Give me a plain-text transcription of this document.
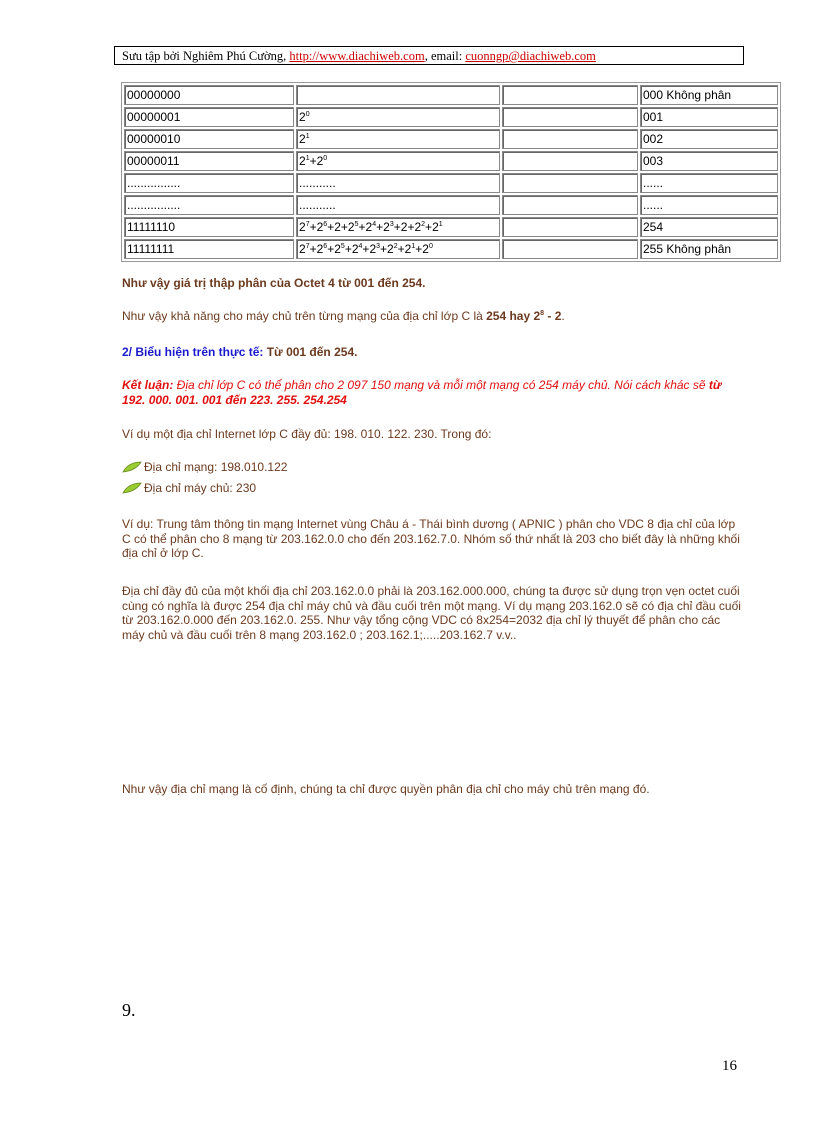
Sưu tập bởi Nghiêm Phú Cường, http://www.diachiweb.com, email: cuonngp@diachiweb.com
00000000			000 Không phân
00000001	$2^0$		001
00000010	$2^1$		002
00000011	$2^1+2^0$		003
................	...........		......
................	...........		......
11111110	$2^7+2^6+2+2^5+2^4+2^3+2+2^2+2^1$		254
11111111	$2^7+2^6+2^5+2^4+2^3+2^2+2^1+2^0$		255 Không phân
Như vậy giá trị thập phân của Octet 4 từ 001 đến 254.
Như vậy khả năng cho máy chủ trên từng mạng của địa chỉ lớp C là 254 hay $2^8 - 2$.
2/ Biểu hiện trên thực tế: Từ 001 đến 254.
Kết luận: Địa chỉ lớp C có thể phân cho 2 097 150 mạng và mỗi một mạng có 254 máy chủ. Nói cách khác sẽ từ 192. 000. 001. 001 đến 223. 255. 254.254
Ví dụ một địa chỉ Internet lớp C đầy đủ: 198. 010. 122. 230. Trong đó:
Địa chỉ mạng: 198.010.122
Địa chỉ máy chủ: 230
Ví dụ: Trung tâm thông tin mạng Internet vùng Châu á - Thái bình dương ( APNIC ) phân cho VDC 8 địa chỉ của lớp C có thể phân cho 8 mạng từ 203.162.0.0 cho đến 203.162.7.0. Nhóm số thứ nhất là 203 cho biết đây là những khối địa chỉ ở lớp C.
Địa chỉ đầy đủ của một khối địa chỉ 203.162.0.0 phải là 203.162.000.000, chúng ta được sử dụng trọn vẹn octet cuối cùng có nghĩa là được 254 địa chỉ máy chủ và đầu cuối trên một mạng. Ví dụ mạng 203.162.0 sẽ có địa chỉ đầu cuối từ 203.162.0.000 đến 203.162.0. 255. Như vậy tổng cộng VDC có 8x254=2032 địa chỉ lý thuyết để phân cho các máy chủ và đầu cuối trên 8 mạng 203.162.0 ; 203.162.1;.....203.162.7 v.v..
Như vậy địa chỉ mạng là cố định, chúng ta chỉ được quyền phân địa chỉ cho máy chủ trên mạng đó.
9.
16
